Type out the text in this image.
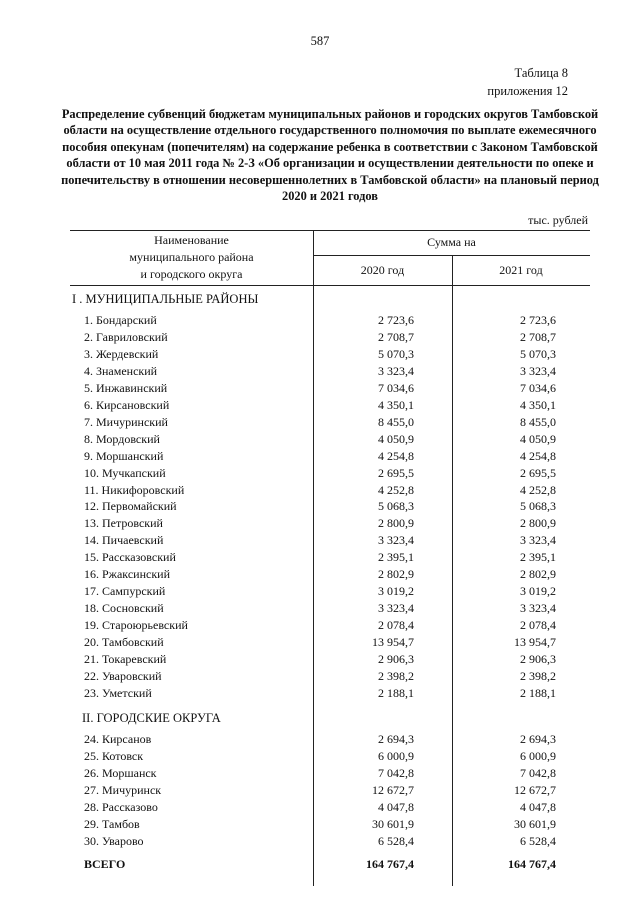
587
Таблица 8
приложения 12
Распределение субвенций бюджетам муниципальных районов и городских округов Тамбовской области на осуществление отдельного государственного полномочия по выплате ежемесячного пособия опекунам (попечителям) на содержание ребенка в соответствии с Законом Тамбовской области от 10 мая 2011 года № 2-З «Об организации и осуществлении деятельности по опеке и попечительству в отношении несовершеннолетних в Тамбовской области» на плановый период 2020 и 2021 годов
тыс. рублей
Наименование
муниципального района
и городского округа
Сумма на
2020 год	2021 год
I . МУНИЦИПАЛЬНЫЕ РАЙОНЫ
1. Бондарский	2 723,6	2 723,6
2. Гавриловский	2 708,7	2 708,7
3. Жердевский	5 070,3	5 070,3
4. Знаменский	3 323,4	3 323,4
5. Инжавинский	7 034,6	7 034,6
6. Кирсановский	4 350,1	4 350,1
7. Мичуринский	8 455,0	8 455,0
8. Мордовский	4 050,9	4 050,9
9. Моршанский	4 254,8	4 254,8
10. Мучкапский	2 695,5	2 695,5
11. Никифоровский	4 252,8	4 252,8
12. Первомайский	5 068,3	5 068,3
13. Петровский	2 800,9	2 800,9
14. Пичаевский	3 323,4	3 323,4
15. Рассказовский	2 395,1	2 395,1
16. Ржаксинский	2 802,9	2 802,9
17. Сампурский	3 019,2	3 019,2
18. Сосновский	3 323,4	3 323,4
19. Староюрьевский	2 078,4	2 078,4
20. Тамбовский	13 954,7	13 954,7
21. Токаревский	2 906,3	2 906,3
22. Уваровский	2 398,2	2 398,2
23. Уметский	2 188,1	2 188,1
II. ГОРОДСКИЕ ОКРУГА
24. Кирсанов	2 694,3	2 694,3
25. Котовск	6 000,9	6 000,9
26. Моршанск	7 042,8	7 042,8
27. Мичуринск	12 672,7	12 672,7
28. Рассказово	4 047,8	4 047,8
29. Тамбов	30 601,9	30 601,9
30. Уварово	6 528,4	6 528,4
ВСЕГО	164 767,4	164 767,4
